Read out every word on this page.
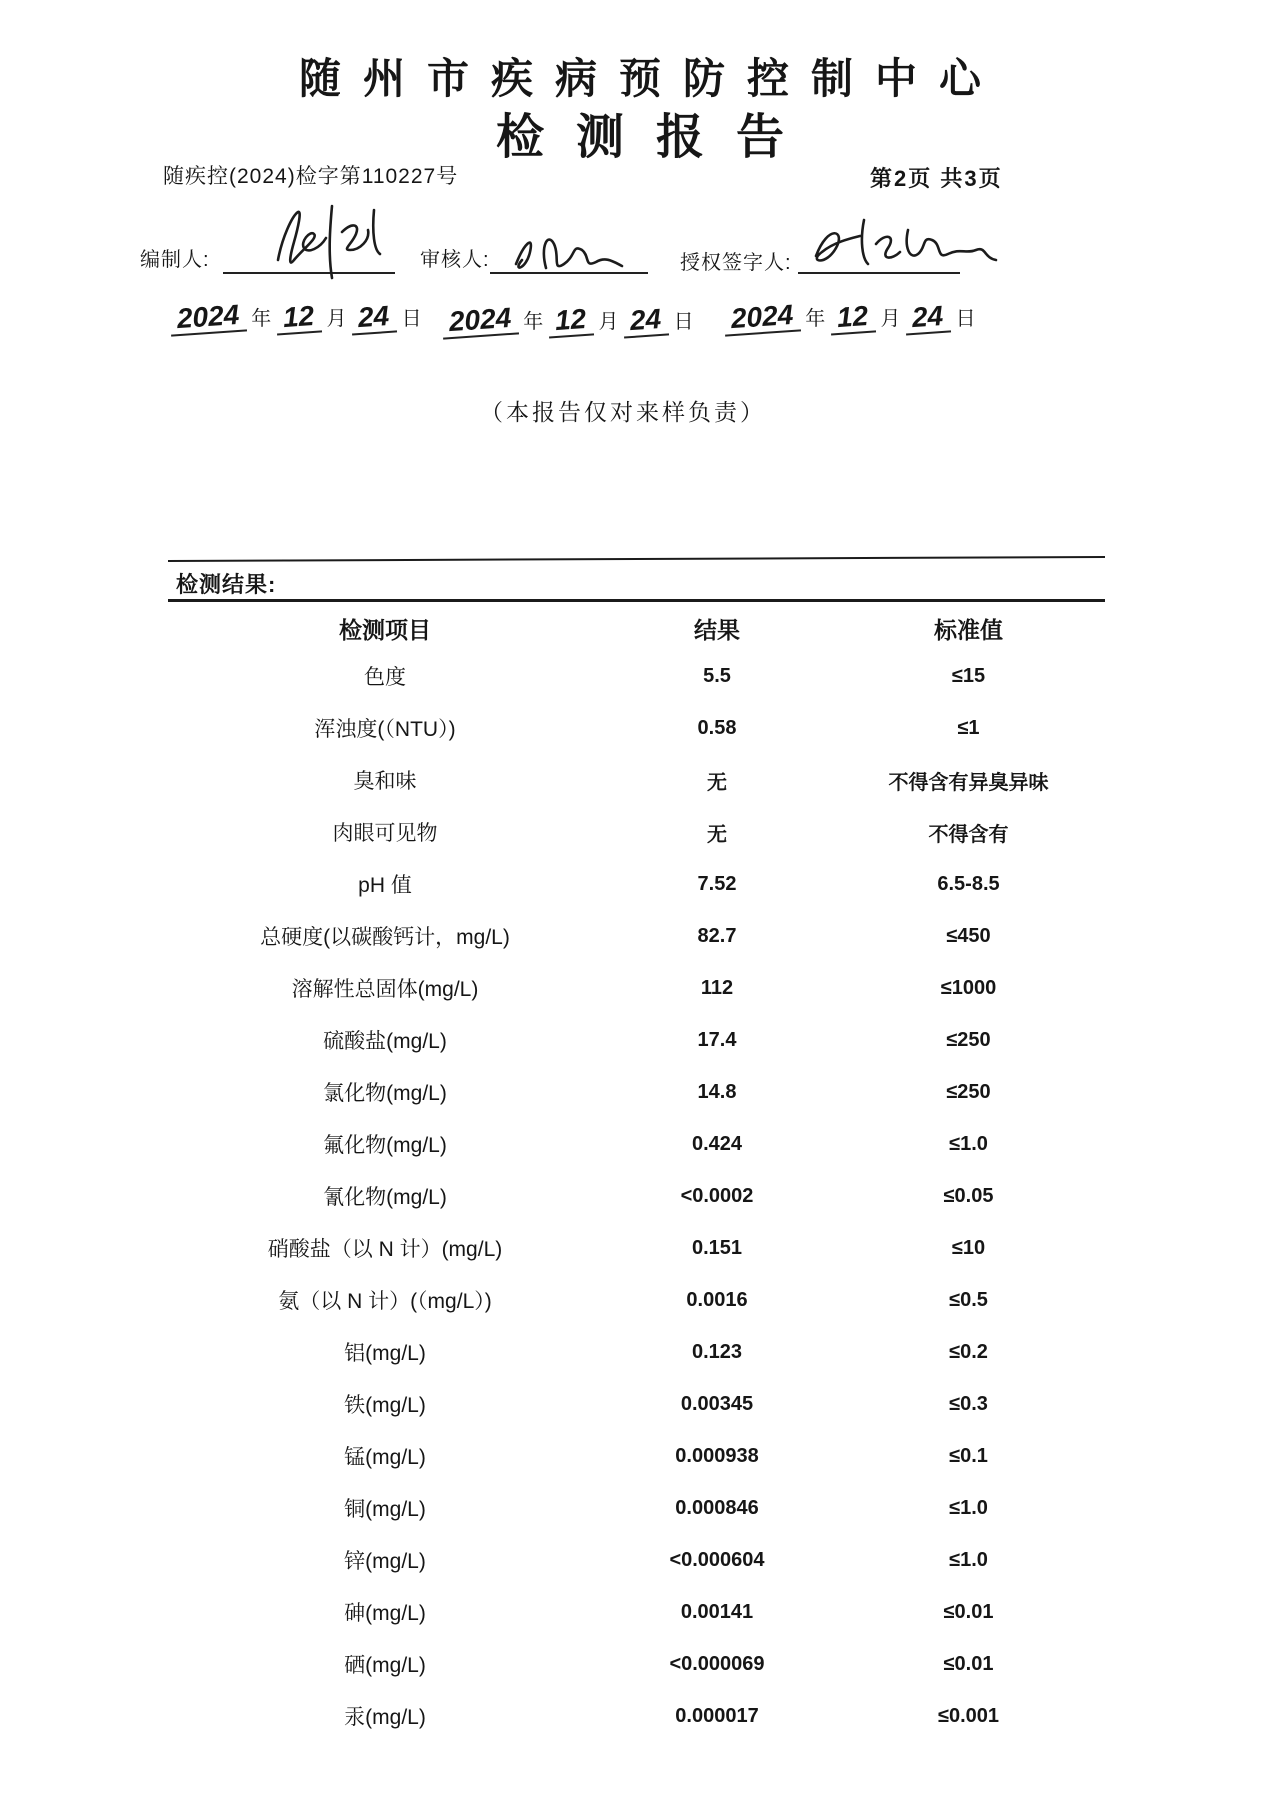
随州市疾病预防控制中心
检测报告
随疾控(2024)检字第110227号	第2页 共3页
编制人:	审核人:	授权签字人:
2024 年 12 月 24 日 2024 年 12 月 24 日 2024 年 12 月 24 日
（本报告仅对来样负责）
检测结果:
检测项目	结果	标准值
色度	5.5	≤15
浑浊度(（NTU）)	0.58	≤1
臭和味	无	不得含有异臭异味
肉眼可见物	无	不得含有
pH 值	7.52	6.5-8.5
总硬度(以碳酸钙计，mg/L)	82.7	≤450
溶解性总固体(mg/L)	112	≤1000
硫酸盐(mg/L)	17.4	≤250
氯化物(mg/L)	14.8	≤250
氟化物(mg/L)	0.424	≤1.0
氰化物(mg/L)	<0.0002	≤0.05
硝酸盐（以 N 计）(mg/L)	0.151	≤10
氨（以 N 计）(（mg/L）)	0.0016	≤0.5
铝(mg/L)	0.123	≤0.2
铁(mg/L)	0.00345	≤0.3
锰(mg/L)	0.000938	≤0.1
铜(mg/L)	0.000846	≤1.0
锌(mg/L)	<0.000604	≤1.0
砷(mg/L)	0.00141	≤0.01
硒(mg/L)	<0.000069	≤0.01
汞(mg/L)	0.000017	≤0.001
